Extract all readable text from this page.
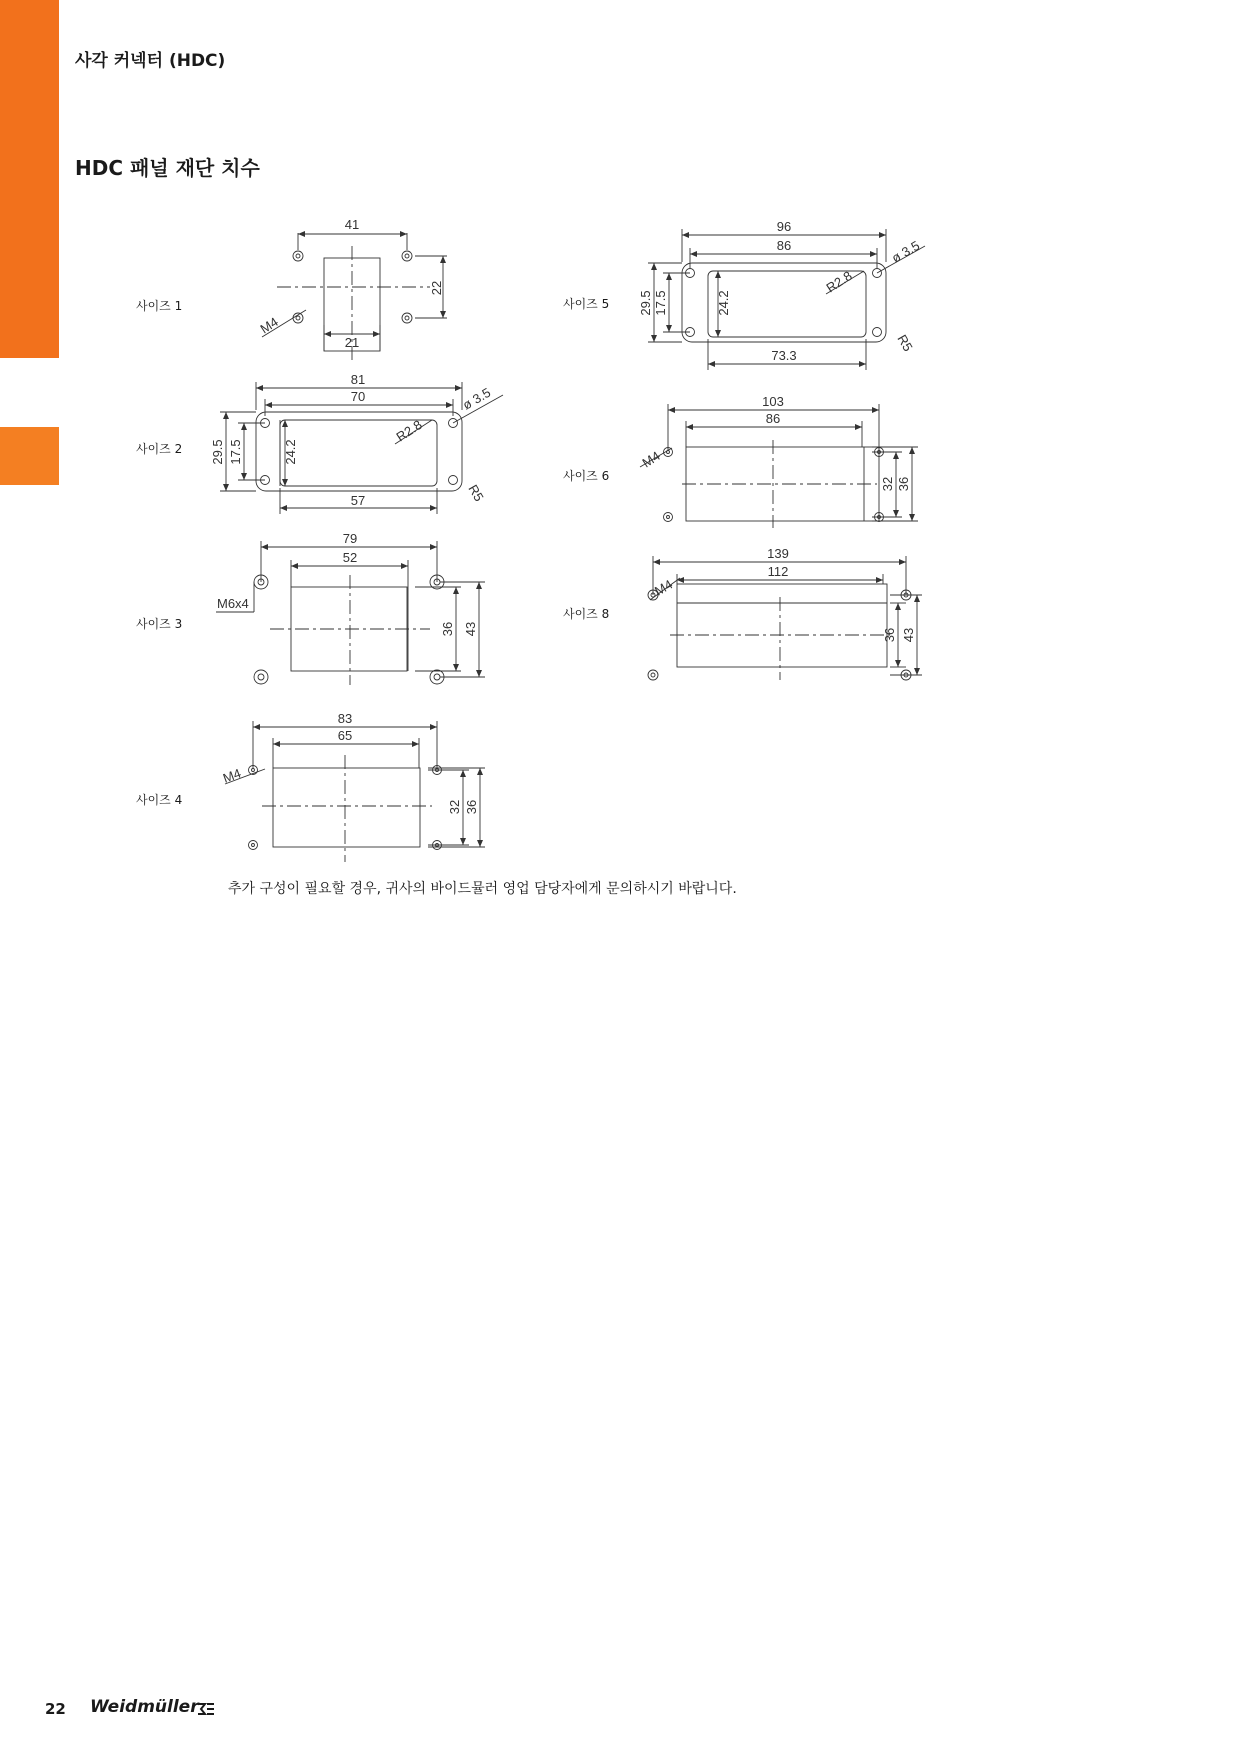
사각 커넥터 (HDC)
HDC 패널 재단 치수
사이즈 1
사이즈 2
사이즈 3
사이즈 4
사이즈 5
사이즈 6
사이즈 8
41
21
22
M4
81
70
57
29.5 17.5	24.2
R2.8
ø 3.5
R5
79
52
36 43
M6x4
83
65
32 36
M4
96
86
73.3
29.5 17.5	24.2
R2.8
ø 3.5
R5
103
86
32 36
M4
139
112
36 43
M4
추가 구성이 필요할 경우, 귀사의 바이드뮬러 영업 담당자에게 문의하시기 바랍니다.
22 Weidmüller
